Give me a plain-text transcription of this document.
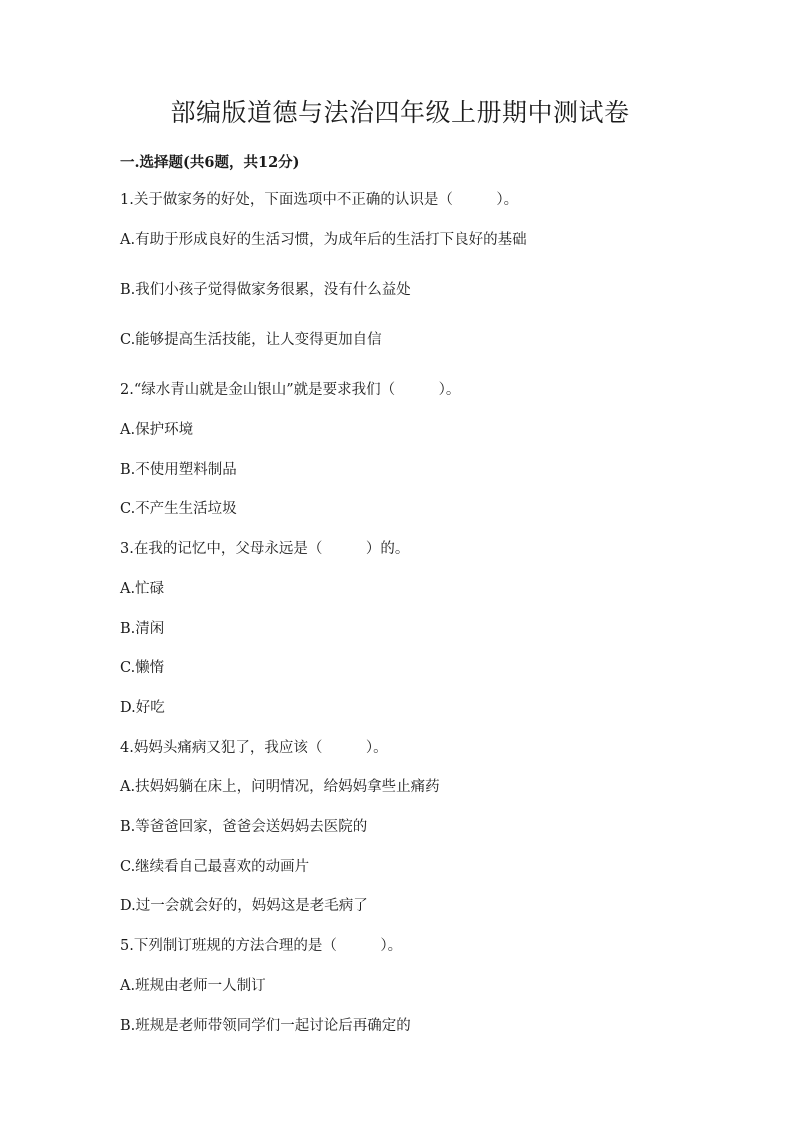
部编版道德与法治四年级上册期中测试卷
一.选择题(共6题，共12分)
1.关于做家务的好处，下面选项中不正确的认识是（　　　）。
A.有助于形成良好的生活习惯，为成年后的生活打下良好的基础
B.我们小孩子觉得做家务很累，没有什么益处
C.能够提高生活技能，让人变得更加自信
2.“绿水青山就是金山银山”就是要求我们（　　　）。
A.保护环境
B.不使用塑料制品
C.不产生生活垃圾
3.在我的记忆中，父母永远是（　　　）的。
A.忙碌
B.清闲
C.懒惰
D.好吃
4.妈妈头痛病又犯了，我应该（　　　）。
A.扶妈妈躺在床上，问明情况，给妈妈拿些止痛药
B.等爸爸回家，爸爸会送妈妈去医院的
C.继续看自己最喜欢的动画片
D.过一会就会好的，妈妈这是老毛病了
5.下列制订班规的方法合理的是（　　　）。
A.班规由老师一人制订
B.班规是老师带领同学们一起讨论后再确定的
